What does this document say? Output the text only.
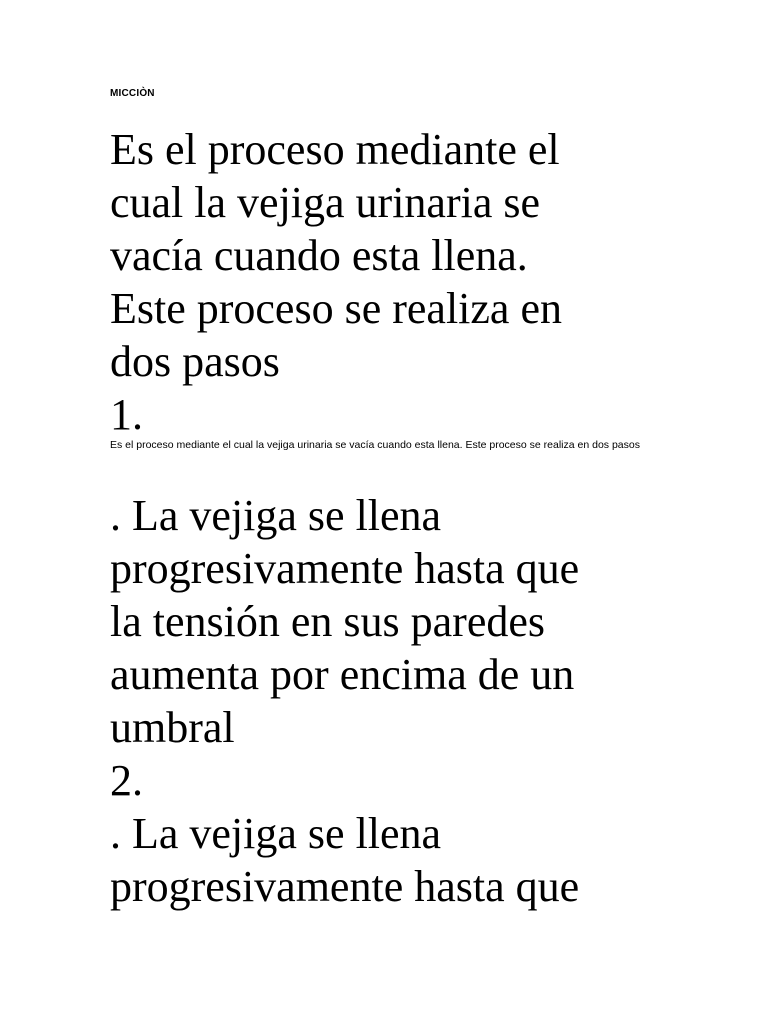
MICCIÒN
Es el proceso mediante el
cual la vejiga urinaria se
vacía cuando esta llena.
Este proceso se realiza en
dos pasos
1.

Es el proceso mediante el cual la vejiga urinaria se vacía cuando esta llena. Este proceso se realiza en dos pasos

. La vejiga se llena
progresivamente hasta que
la tensión en sus paredes
aumenta por encima de un
umbral
2.
. La vejiga se llena
progresivamente hasta que
